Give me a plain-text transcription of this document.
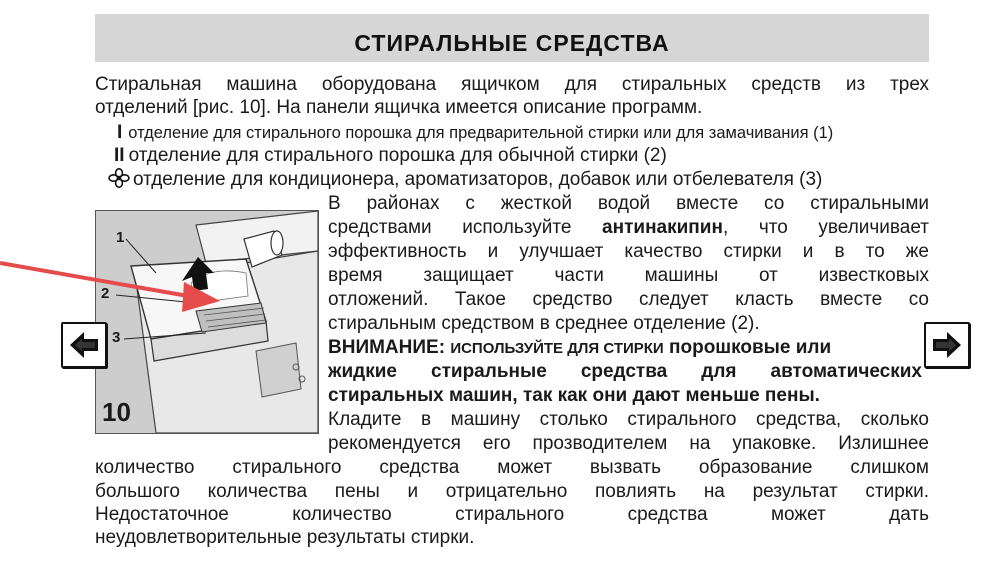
СТИРАЛЬНЫЕ СРЕДСТВА
Стиральная машина оборудована ящичком для стиральных средств из трех
отделений [рис. 10]. На панели ящичка имеется описание программ.
I отделение для стирального порошка для предварительной стирки или для замачивания (1)
II отделение для стирального порошка для обычной стирки (2)
отделение для кондиционера, ароматизаторов, добавок или отбелевателя (3)
1
2
3
10
В районах с жесткой водой вместе со стиральными
средствами используйте антинакипин, что увеличивает
эффективность и улучшает качество стирки и в то же
время защищает части машины от известковых
отложений. Такое средство следует класть вместе со
стиральным средством в среднее отделение (2).
ВНИМАНИЕ: ИСПОЛЬЗУЙТЕ ДЛЯ СТИРКИ порошковые или
жидкие стиральные средства для автоматических
стиральных машин, так как они дают меньше пены.
Кладите в машину столько стирального средства, сколько
рекомендуется его прозводителем на упаковке. Излишнее
количество стирального средства может вызвать образование слишком
большого количества пены и отрицательно повлиять на результат стирки.
Недостаточное количество стирального средства может дать
неудовлетворительные результаты стирки.
